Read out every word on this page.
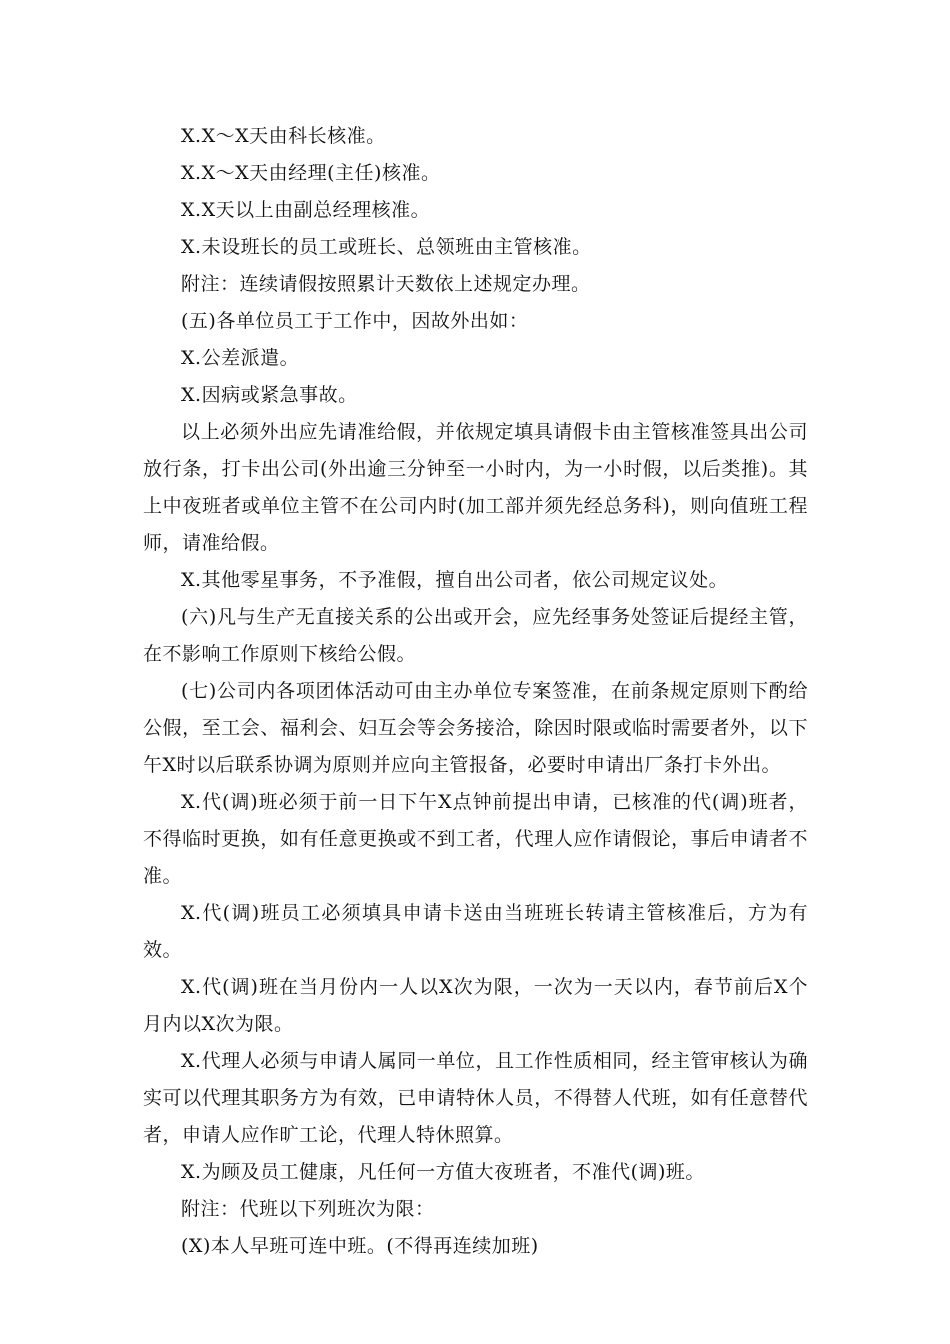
X.X～X天由科长核准。

X.X～X天由经理(主任)核准。

X.X天以上由副总经理核准。

X.未设班长的员工或班长、总领班由主管核准。

附注：连续请假按照累计天数依上述规定办理。

(五)各单位员工于工作中，因故外出如：

X.公差派遣。

X.因病或紧急事故。

以上必须外出应先请准给假，并依规定填具请假卡由主管核准签具出公司放行条，打卡出公司(外出逾三分钟至一小时内，为一小时假，以后类推)。其上中夜班者或单位主管不在公司内时(加工部并须先经总务科)，则向值班工程师，请准给假。

X.其他零星事务，不予准假，擅自出公司者，依公司规定议处。

(六)凡与生产无直接关系的公出或开会，应先经事务处签证后提经主管，在不影响工作原则下核给公假。

(七)公司内各项团体活动可由主办单位专案签准，在前条规定原则下酌给公假，至工会、福利会、妇互会等会务接洽，除因时限或临时需要者外，以下午X时以后联系协调为原则并应向主管报备，必要时申请出厂条打卡外出。

X.代(调)班必须于前一日下午X点钟前提出申请，已核准的代(调)班者，不得临时更换，如有任意更换或不到工者，代理人应作请假论，事后申请者不准。

X.代(调)班员工必须填具申请卡送由当班班长转请主管核准后，方为有效。

X.代(调)班在当月份内一人以X次为限，一次为一天以内，春节前后X个月内以X次为限。

X.代理人必须与申请人属同一单位，且工作性质相同，经主管审核认为确实可以代理其职务方为有效，已申请特休人员，不得替人代班，如有任意替代者，申请人应作旷工论，代理人特休照算。

X.为顾及员工健康，凡任何一方值大夜班者，不准代(调)班。

附注：代班以下列班次为限：

(X)本人早班可连中班。(不得再连续加班)
